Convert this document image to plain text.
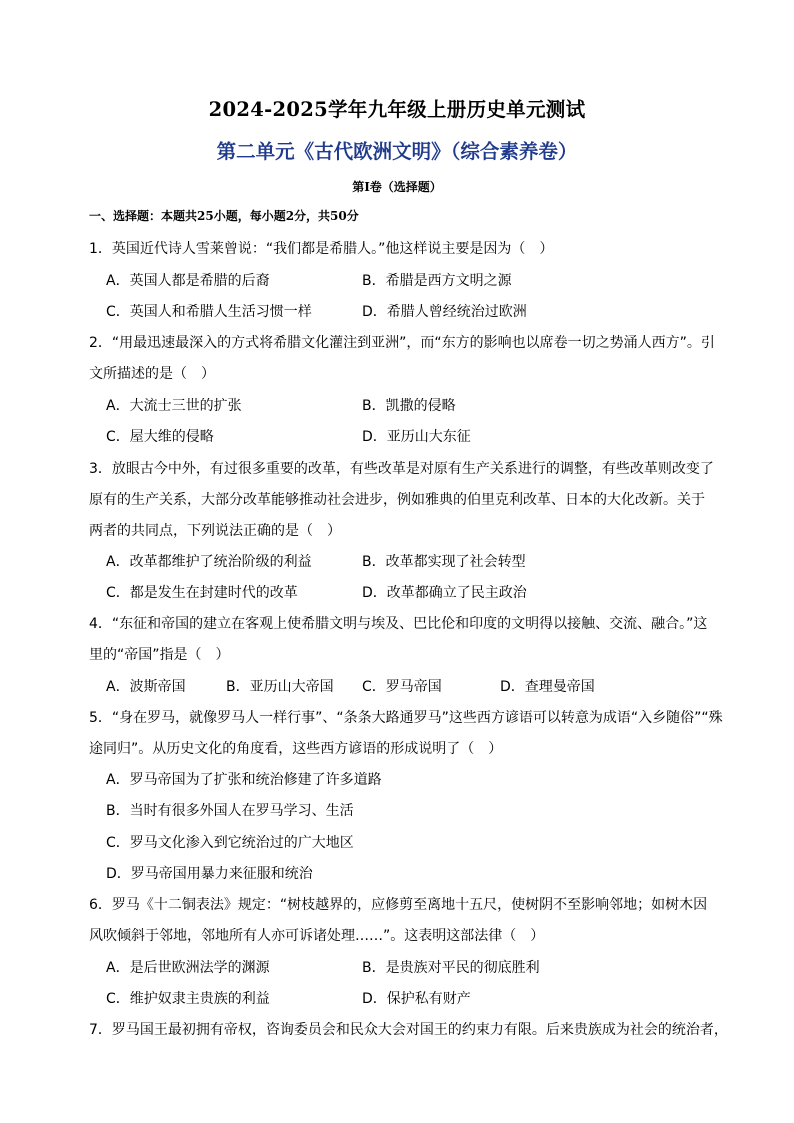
2024-2025学年九年级上册历史单元测试
第二单元《古代欧洲文明》（综合素养卷）
第Ⅰ卷（选择题）
一、选择题：本题共25小题，每小题2分，共50分
1．英国近代诗人雪莱曾说：“我们都是希腊人。”他这样说主要是因为（　）
A．英国人都是希腊的后裔	B．希腊是西方文明之源
C．英国人和希腊人生活习惯一样	D．希腊人曾经统治过欧洲
2．“用最迅速最深入的方式将希腊文化灌注到亚洲”，而“东方的影响也以席卷一切之势涌人西方”。引
文所描述的是（　）
A．大流士三世的扩张	B．凯撒的侵略
C．屋大维的侵略	D．亚历山大东征
3．放眼古今中外，有过很多重要的改革，有些改革是对原有生产关系进行的调整，有些改革则改变了
原有的生产关系，大部分改革能够推动社会进步，例如雅典的伯里克利改革、日本的大化改新。关于
两者的共同点，下列说法正确的是（　）
A．改革都维护了统治阶级的利益	B．改革都实现了社会转型
C．都是发生在封建时代的改革	D．改革都确立了民主政治
4．“东征和帝国的建立在客观上使希腊文明与埃及、巴比伦和印度的文明得以接触、交流、融合。”这
里的“帝国”指是（　）
A．波斯帝国	B．亚历山大帝国 C．罗马帝国	D．查理曼帝国
5．“身在罗马，就像罗马人一样行事”、“条条大路通罗马”这些西方谚语可以转意为成语“入乡随俗”“殊
途同归”。从历史文化的角度看，这些西方谚语的形成说明了（　）
A．罗马帝国为了扩张和统治修建了许多道路
B．当时有很多外国人在罗马学习、生活
C．罗马文化渗入到它统治过的广大地区
D．罗马帝国用暴力来征服和统治
6．罗马《十二铜表法》规定：“树枝越界的，应修剪至离地十五尺，使树阴不至影响邻地；如树木因
风吹倾斜于邻地，邻地所有人亦可诉诸处理……”。这表明这部法律（　）
A．是后世欧洲法学的渊源	B．是贵族对平民的彻底胜利
C．维护奴隶主贵族的利益	D．保护私有财产
7．罗马国王最初拥有帝权，咨询委员会和民众大会对国王的约束力有限。后来贵族成为社会的统治者，
